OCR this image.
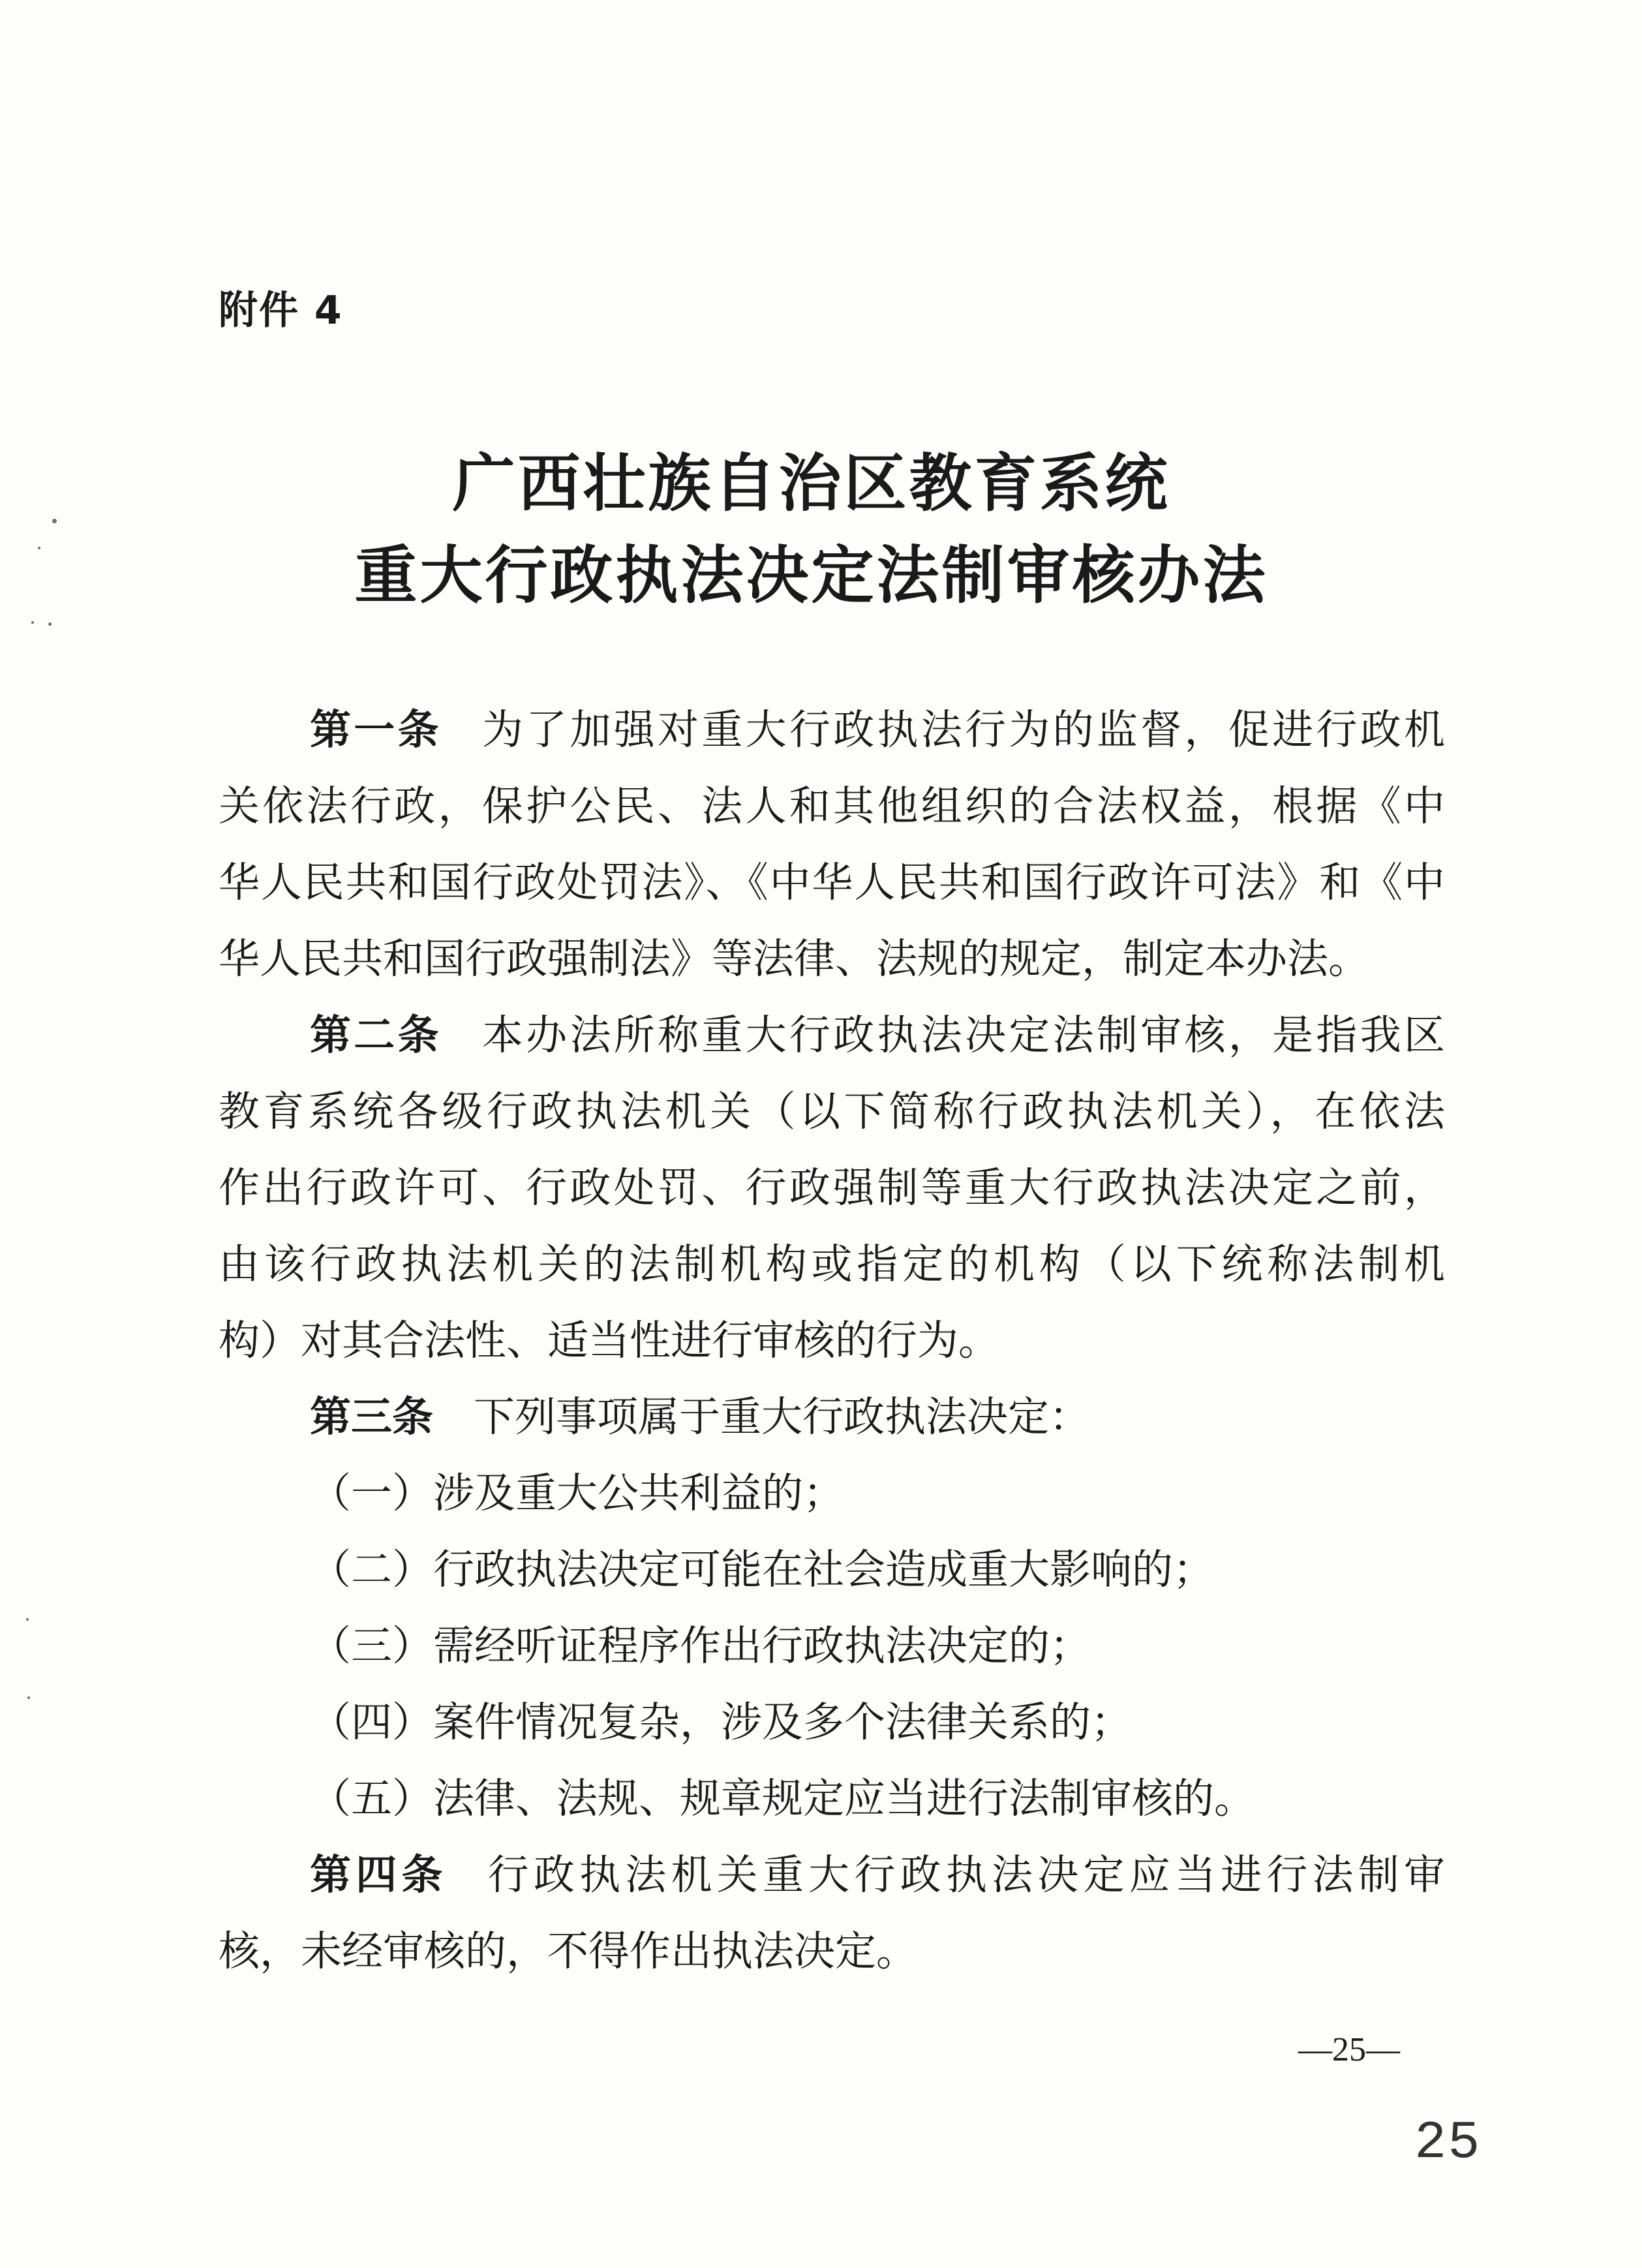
附件 4
广西壮族自治区教育系统
重大行政执法决定法制审核办法
第一条 为了加强对重大行政执法行为的监督，促进行政机
关依法行政，保护公民、法人和其他组织的合法权益，根据《中
华人民共和国行政处罚法》、《中华人民共和国行政许可法》和《中
华人民共和国行政强制法》等法律、法规的规定，制定本办法。
第二条 本办法所称重大行政执法决定法制审核，是指我区
教育系统各级行政执法机关（以下简称行政执法机关），在依法
作出行政许可、行政处罚、行政强制等重大行政执法决定之前，
由该行政执法机关的法制机构或指定的机构（以下统称法制机
构）对其合法性、适当性进行审核的行为。
第三条 下列事项属于重大行政执法决定：
（一）涉及重大公共利益的；
（二）行政执法决定可能在社会造成重大影响的；
（三）需经听证程序作出行政执法决定的；
（四）案件情况复杂，涉及多个法律关系的；
（五）法律、法规、规章规定应当进行法制审核的。
第四条 行政执法机关重大行政执法决定应当进行法制审
核，未经审核的，不得作出执法决定。
—25—
25
